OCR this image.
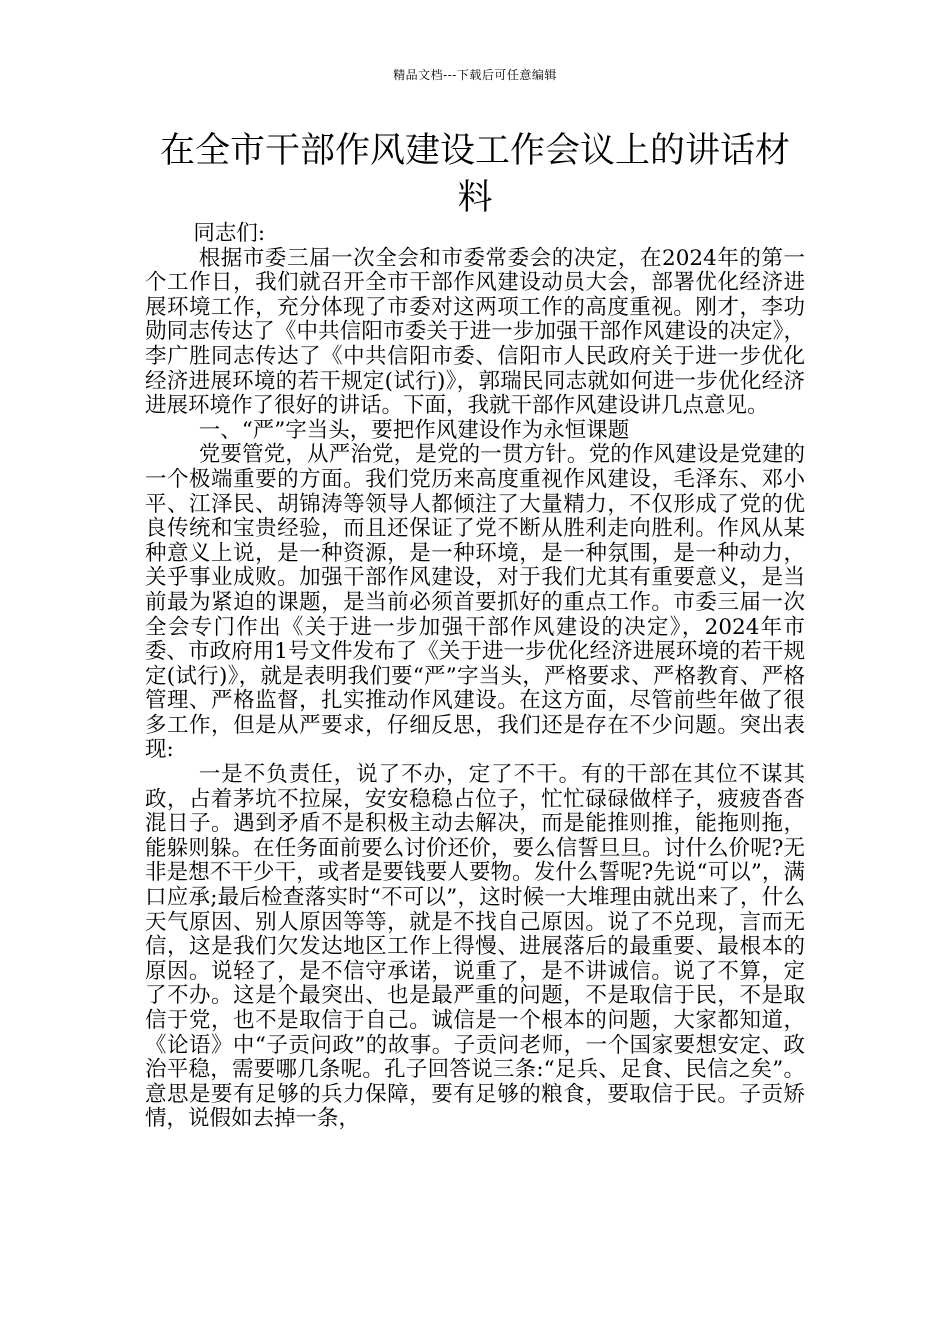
精品文档---下载后可任意编辑
在全市干部作风建设工作会议上的讲话材料

同志们:

根据市委三届一次全会和市委常委会的决定，在2024年的第一个工作日，我们就召开全市干部作风建设动员大会，部署优化经济进展环境工作，充分体现了市委对这两项工作的高度重视。刚才，李功勋同志传达了《中共信阳市委关于进一步加强干部作风建设的决定》，李广胜同志传达了《中共信阳市委、信阳市人民政府关于进一步优化经济进展环境的若干规定(试行)》，郭瑞民同志就如何进一步优化经济进展环境作了很好的讲话。下面，我就干部作风建设讲几点意见。

一、“严”字当头，要把作风建设作为永恒课题

党要管党，从严治党，是党的一贯方针。党的作风建设是党建的一个极端重要的方面。我们党历来高度重视作风建设，毛泽东、邓小平、江泽民、胡锦涛等领导人都倾注了大量精力，不仅形成了党的优良传统和宝贵经验，而且还保证了党不断从胜利走向胜利。作风从某种意义上说，是一种资源，是一种环境，是一种氛围，是一种动力，关乎事业成败。加强干部作风建设，对于我们尤其有重要意义，是当前最为紧迫的课题，是当前必须首要抓好的重点工作。市委三届一次全会专门作出《关于进一步加强干部作风建设的决定》，2024年市委、市政府用1号文件发布了《关于进一步优化经济进展环境的若干规定(试行)》，就是表明我们要“严”字当头，严格要求、严格教育、严格管理、严格监督，扎实推动作风建设。在这方面，尽管前些年做了很多工作，但是从严要求，仔细反思，我们还是存在不少问题。突出表现:

一是不负责任，说了不办，定了不干。有的干部在其位不谋其政，占着茅坑不拉屎，安安稳稳占位子，忙忙碌碌做样子，疲疲沓沓混日子。遇到矛盾不是积极主动去解决，而是能推则推，能拖则拖，能躲则躲。在任务面前要么讨价还价，要么信誓旦旦。讨什么价呢?无非是想不干少干，或者是要钱要人要物。发什么誓呢?先说“可以”，满口应承;最后检查落实时“不可以”，这时候一大堆理由就出来了，什么天气原因、别人原因等等，就是不找自己原因。说了不兑现，言而无信，这是我们欠发达地区工作上得慢、进展落后的最重要、最根本的原因。说轻了，是不信守承诺，说重了，是不讲诚信。说了不算，定了不办。这是个最突出、也是最严重的问题，不是取信于民，不是取信于党，也不是取信于自己。诚信是一个根本的问题，大家都知道，《论语》中“子贡问政”的故事。子贡问老师，一个国家要想安定、政治平稳，需要哪几条呢。孔子回答说三条:“足兵、足食、民信之矣”。意思是要有足够的兵力保障，要有足够的粮食，要取信于民。子贡矫情，说假如去掉一条，
